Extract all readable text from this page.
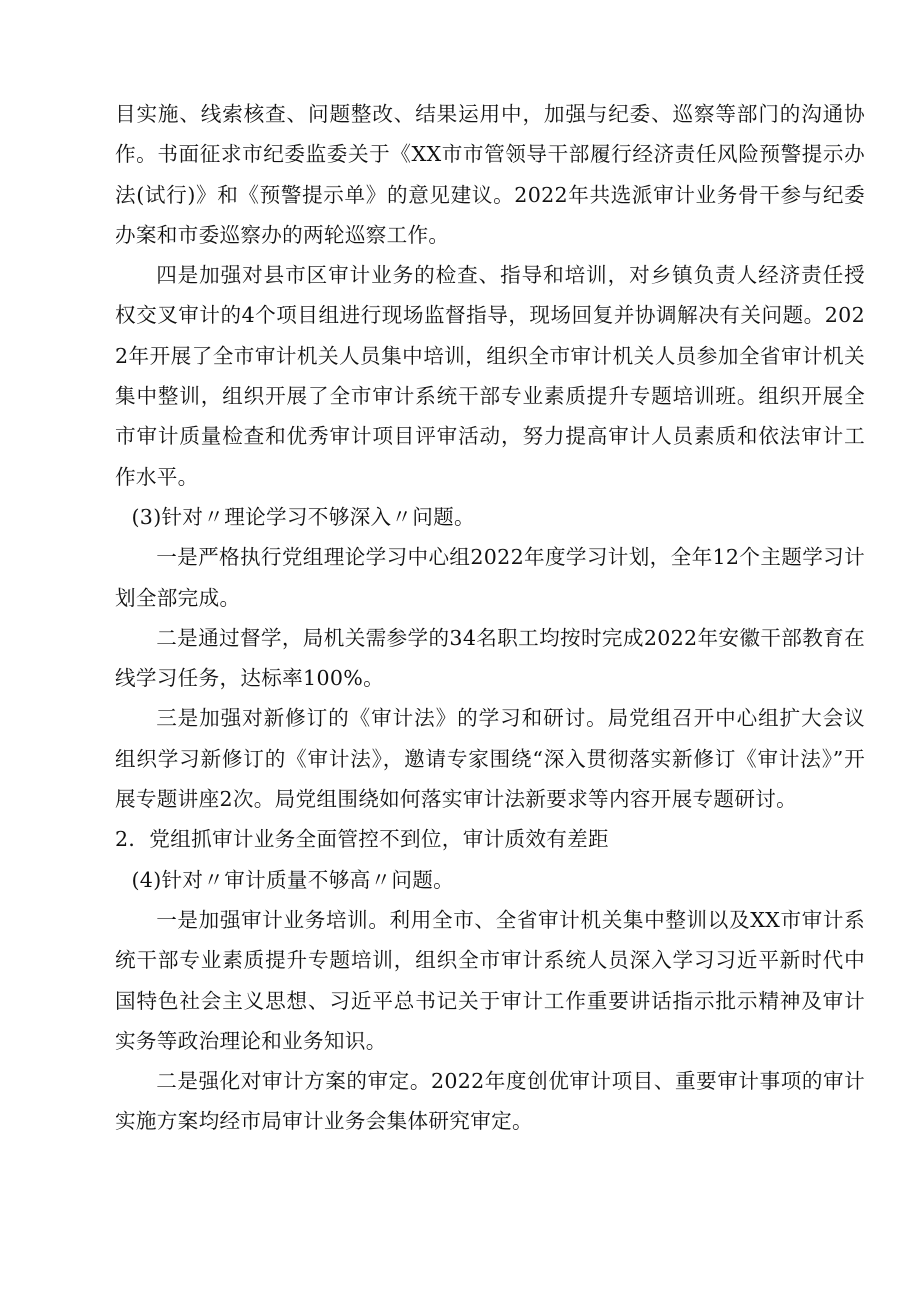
目实施、线索核查、问题整改、结果运用中，加强与纪委、巡察等部门的沟通协作。书面征求市纪委监委关于《XX市市管领导干部履行经济责任风险预警提示办法(试行)》和《预警提示单》的意见建议。2022年共选派审计业务骨干参与纪委办案和市委巡察办的两轮巡察工作。

四是加强对县市区审计业务的检查、指导和培训，对乡镇负责人经济责任授权交叉审计的4个项目组进行现场监督指导，现场回复并协调解决有关问题。2022年开展了全市审计机关人员集中培训，组织全市审计机关人员参加全省审计机关集中整训，组织开展了全市审计系统干部专业素质提升专题培训班。组织开展全市审计质量检查和优秀审计项目评审活动，努力提高审计人员素质和依法审计工作水平。

(3)针对〃理论学习不够深入〃问题。

一是严格执行党组理论学习中心组2022年度学习计划，全年12个主题学习计划全部完成。

二是通过督学，局机关需参学的34名职工均按时完成2022年安徽干部教育在线学习任务，达标率100%。

三是加强对新修订的《审计法》的学习和研讨。局党组召开中心组扩大会议组织学习新修订的《审计法》，邀请专家围绕“深入贯彻落实新修订《审计法》”开展专题讲座2次。局党组围绕如何落实审计法新要求等内容开展专题研讨。

2．党组抓审计业务全面管控不到位，审计质效有差距

(4)针对〃审计质量不够高〃问题。

一是加强审计业务培训。利用全市、全省审计机关集中整训以及XX市审计系统干部专业素质提升专题培训，组织全市审计系统人员深入学习习近平新时代中国特色社会主义思想、习近平总书记关于审计工作重要讲话指示批示精神及审计实务等政治理论和业务知识。

二是强化对审计方案的审定。2022年度创优审计项目、重要审计事项的审计实施方案均经市局审计业务会集体研究审定。
